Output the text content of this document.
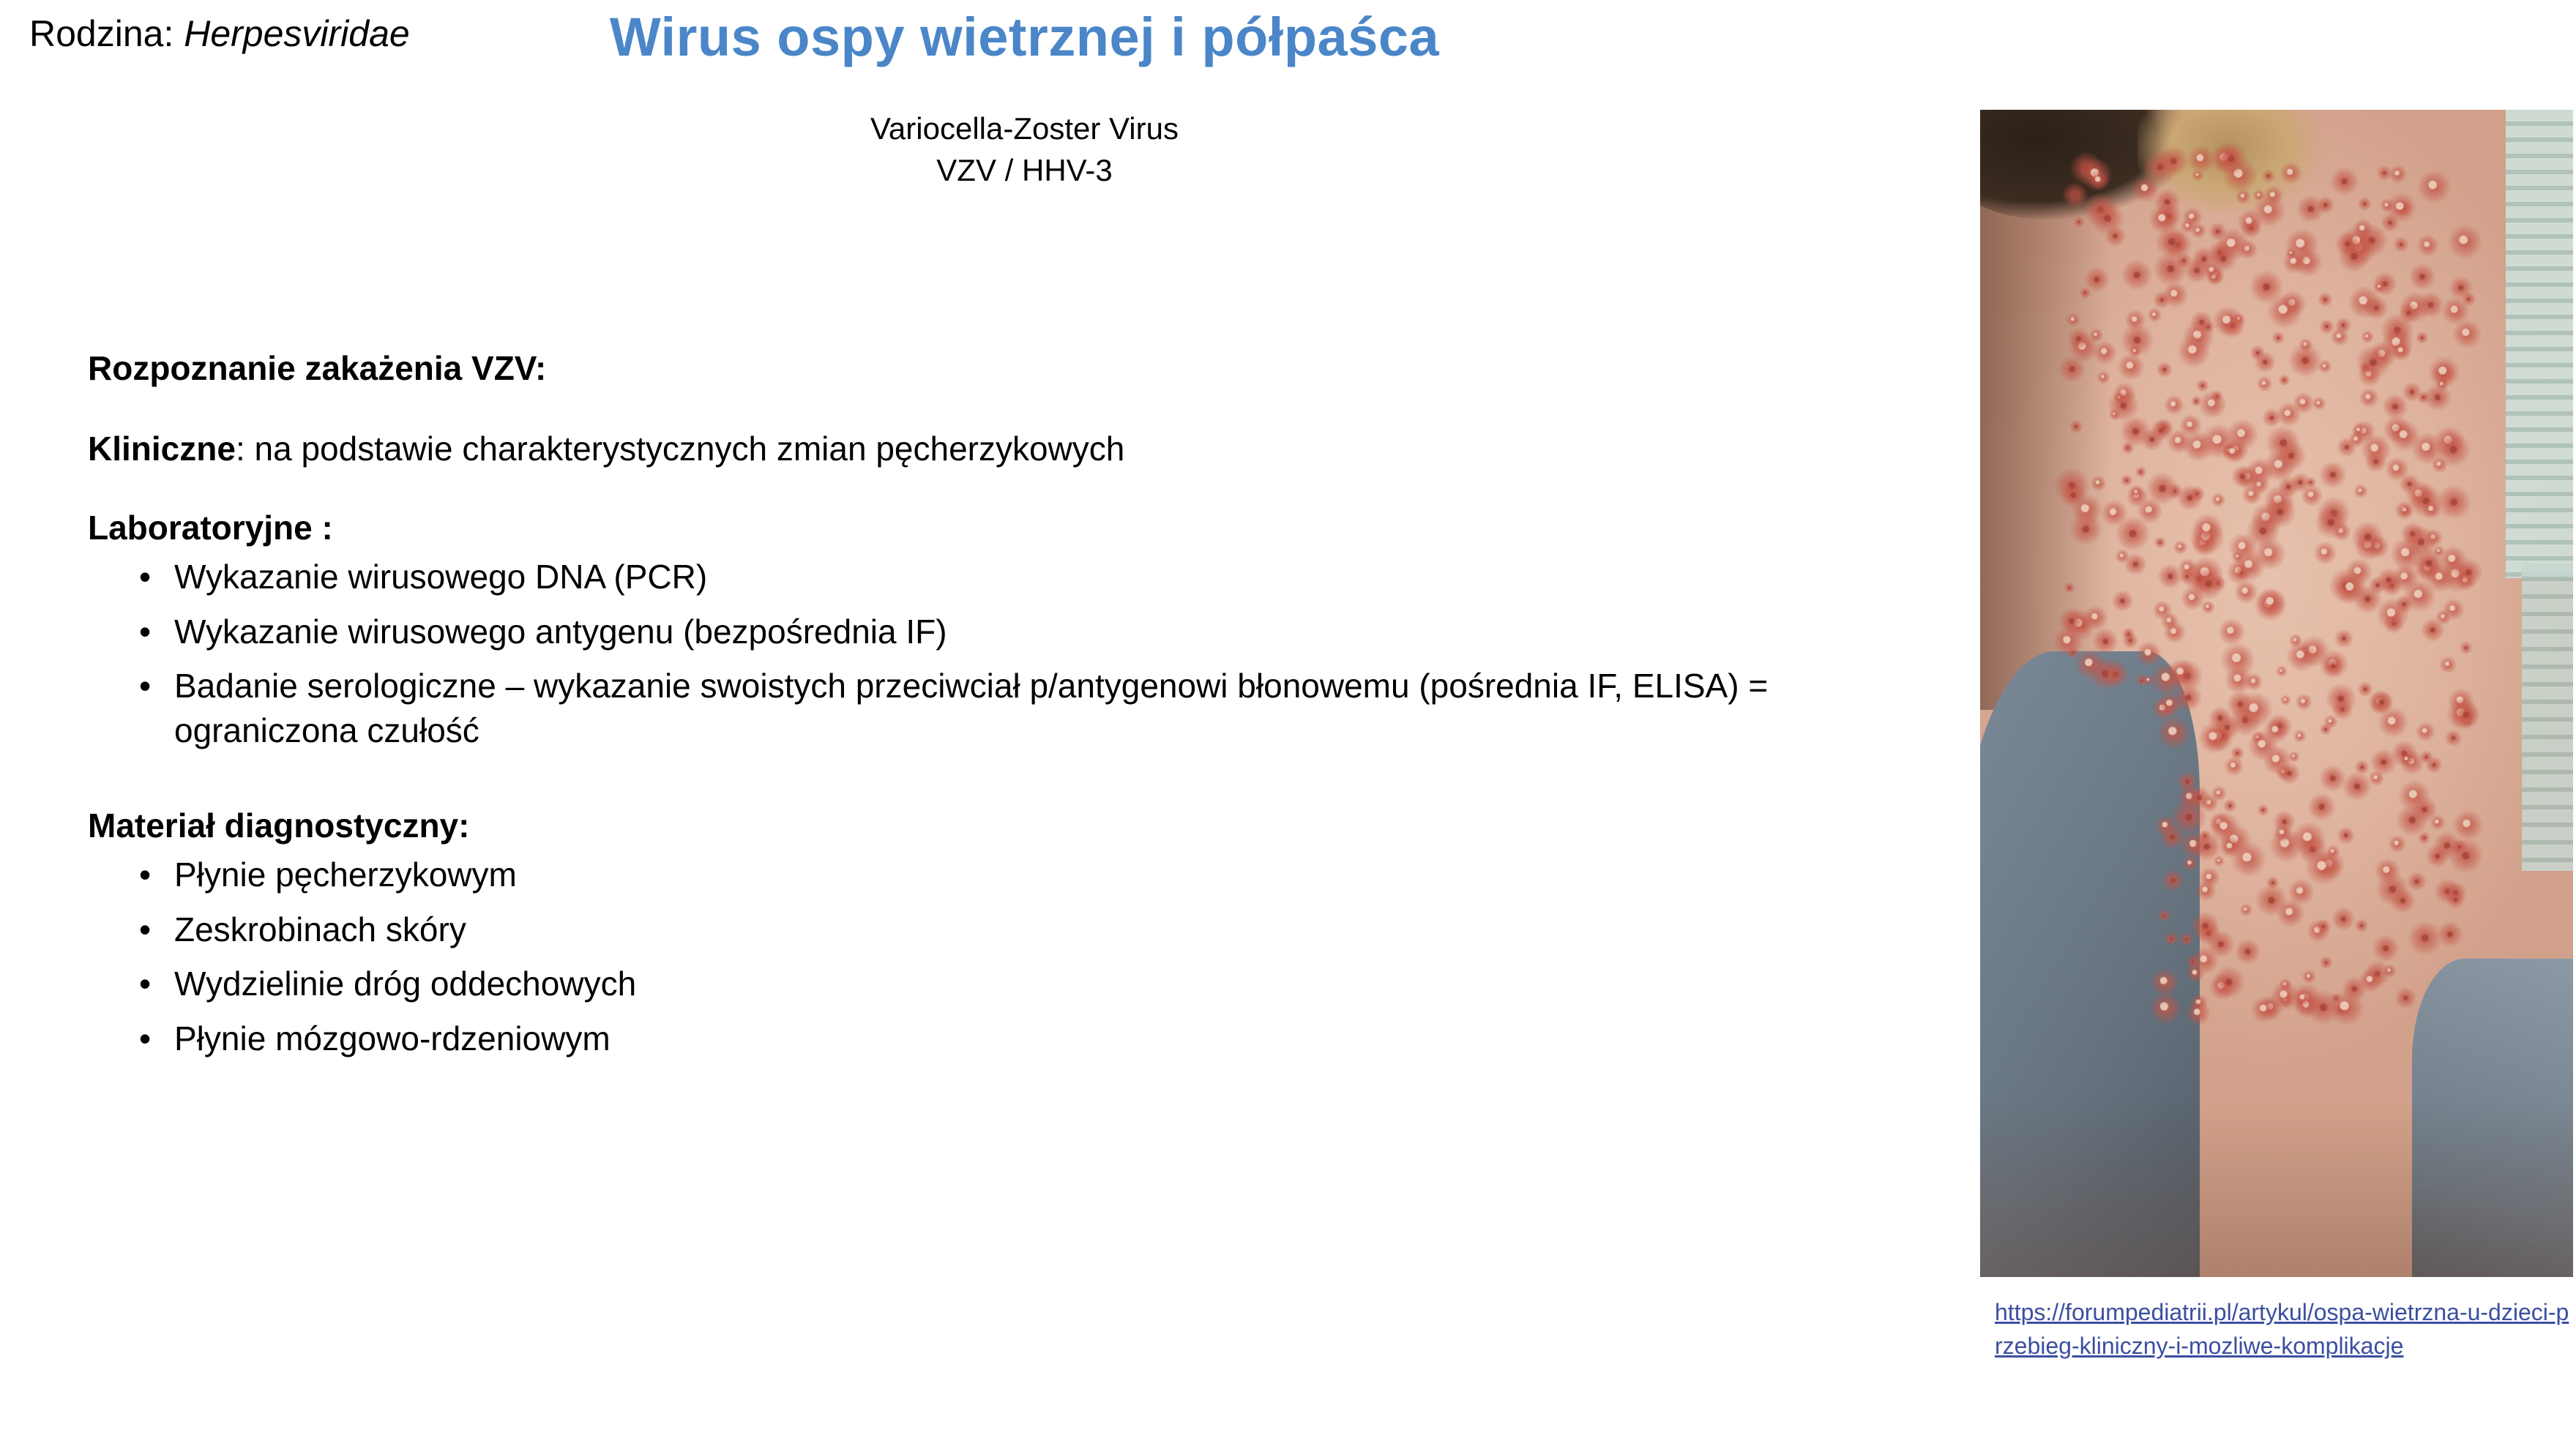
Rodzina: Herpesviridae	Wirus ospy wietrznej i półpaśca
Variocella-Zoster Virus
VZV / HHV-3

Rozpoznanie zakażenia VZV:

Kliniczne: na podstawie charakterystycznych zmian pęcherzykowych

Laboratoryjne :

• Wykazanie wirusowego DNA (PCR)
• Wykazanie wirusowego antygenu (bezpośrednia IF)
• Badanie serologiczne – wykazanie swoistych przeciwciał p/antygenowi błonowemu (pośrednia IF, ELISA) = ograniczona czułość

Materiał diagnostyczny:

• Płynie pęcherzykowym
• Zeskrobinach skóry
• Wydzielinie dróg oddechowych
• Płynie mózgowo-rdzeniowym
https://forumpediatrii.pl/artykul/ospa-wietrzna-u-dzieci-przebieg-kliniczny-i-mozliwe-komplikacje
